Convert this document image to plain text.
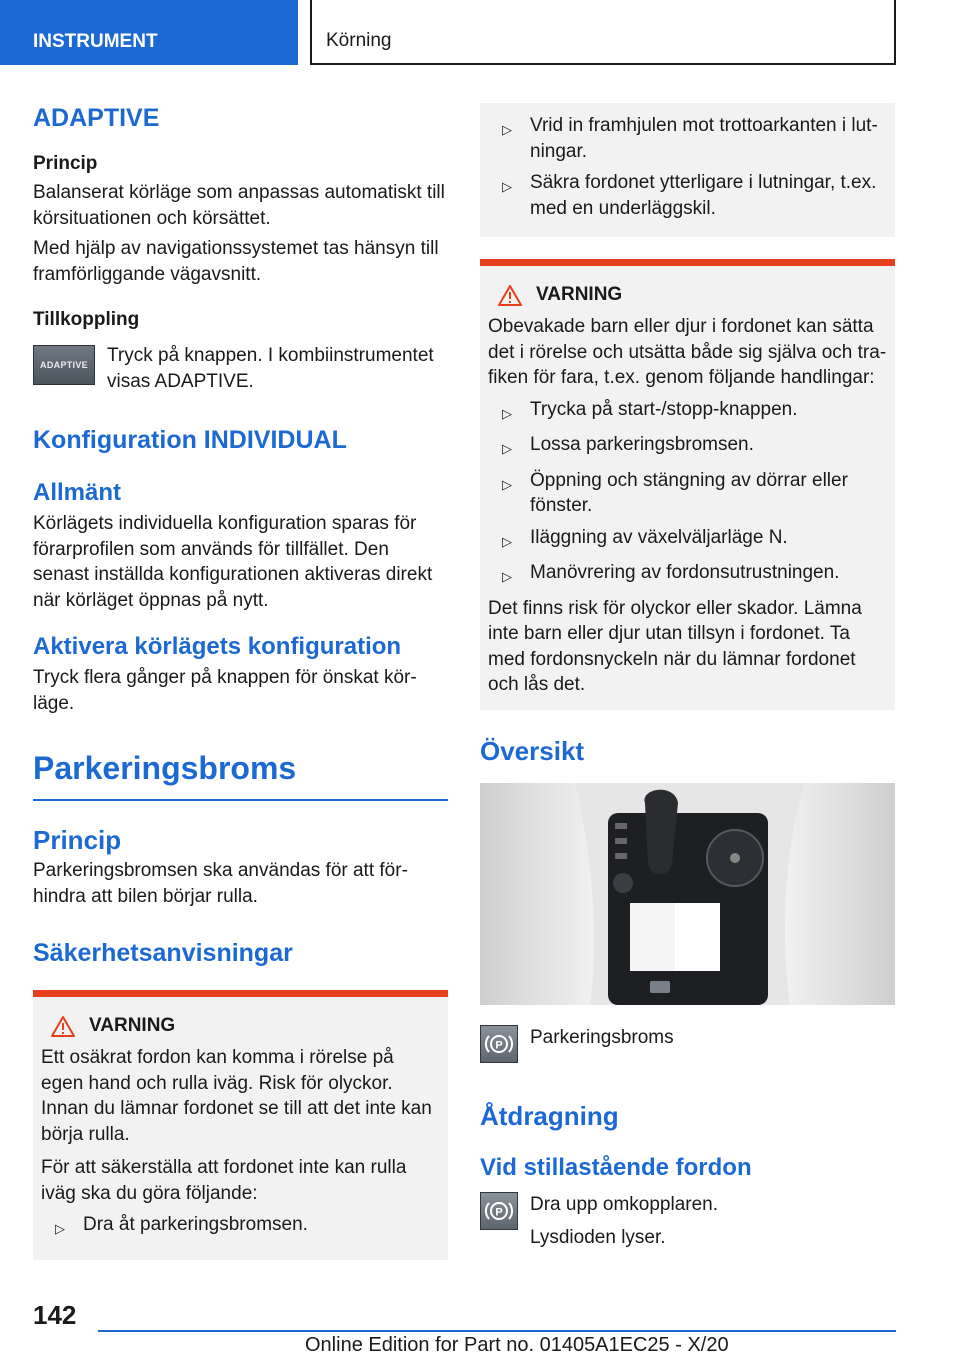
INSTRUMENT	Körning
ADAPTIVE
Princip

Balanserat körläge som anpassas automatiskt till körsituationen och körsättet.

Med hjälp av navigationssystemet tas hänsyn till framförliggande vägavsnitt.

Tillkoppling
ADAPTIVE	Tryck på knappen. I kombiinstrumentet visas ADAPTIVE.

Konfiguration INDIVIDUAL
Allmänt

Körlägets individuella konfiguration sparas för förarprofilen som används för tillfället. Den senast inställda konfigurationen aktiveras direkt när körläget öppnas på nytt.

Aktivera körlägets konfiguration

Tryck flera gånger på knappen för önskat körläge.

Parkeringsbroms
Princip

Parkeringsbromsen ska användas för att förhindra att bilen börjar rulla.

Säkerhetsanvisningar
VARNING

Ett osäkrat fordon kan komma i rörelse på egen hand och rulla iväg. Risk för olyckor. Innan du lämnar fordonet se till att det inte kan börja rulla.

För att säkerställa att fordonet inte kan rulla iväg ska du göra följande:

▷ Dra åt parkeringsbromsen.
▷ Vrid in framhjulen mot trottoarkanten i lutningar.
▷ Säkra fordonet ytterligare i lutningar, t.ex. med en underläggskil.
VARNING

Obevakade barn eller djur i fordonet kan sätta det i rörelse och utsätta både sig själva och trafiken för fara, t.ex. genom följande handlingar:

▷ Trycka på start-/stopp-knappen.
▷ Lossa parkeringsbromsen.
▷ Öppning och stängning av dörrar eller fönster.
▷ Iläggning av växelväljarläge N.
▷ Manövrering av fordonsutrustningen.

Det finns risk för olyckor eller skador. Lämna inte barn eller djur utan tillsyn i fordonet. Ta med fordonsnyckeln när du lämnar fordonet och lås det.

Översikt
P Parkeringsbroms

Åtdragning
Vid stillastående fordon
P Dra upp omkopplaren.

Lysdioden lyser.

142
Online Edition for Part no. 01405A1EC25 - X/20
